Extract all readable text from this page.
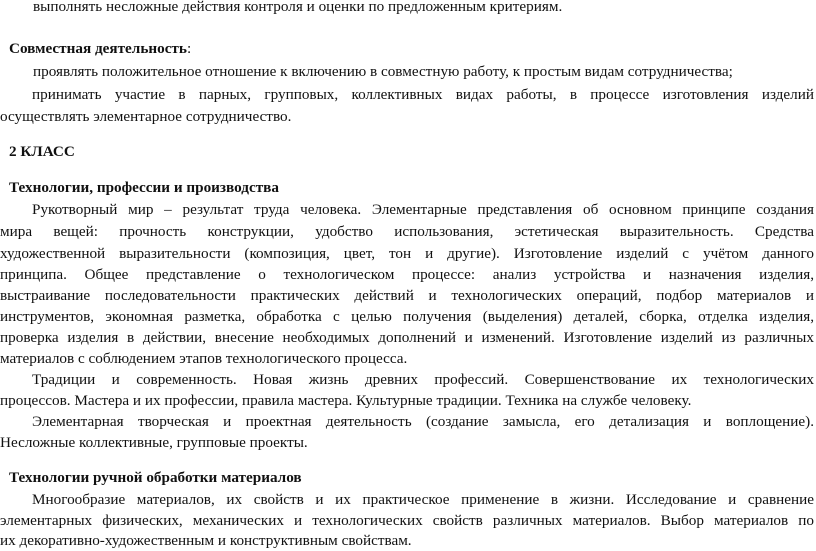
выполнять несложные действия контроля и оценки по предложенным критериям.
Совместная деятельность:
проявлять положительное отношение к включению в совместную работу, к простым видам сотрудничества;
принимать участие в парных, групповых, коллективных видах работы, в процессе изготовления изделий
осуществлять элементарное сотрудничество.
2 КЛАСС
Технологии, профессии и производства
Рукотворный мир – результат труда человека. Элементарные представления об основном принципе создания
мира вещей: прочность конструкции, удобство использования, эстетическая выразительность. Средства
художественной выразительности (композиция, цвет, тон и другие). Изготовление изделий с учётом данного
принципа. Общее представление о технологическом процессе: анализ устройства и назначения изделия,
выстраивание последовательности практических действий и технологических операций, подбор материалов и
инструментов, экономная разметка, обработка с целью получения (выделения) деталей, сборка, отделка изделия,
проверка изделия в действии, внесение необходимых дополнений и изменений. Изготовление изделий из различных
материалов с соблюдением этапов технологического процесса.
Традиции и современность. Новая жизнь древних профессий. Совершенствование их технологических
процессов. Мастера и их профессии, правила мастера. Культурные традиции. Техника на службе человеку.
Элементарная творческая и проектная деятельность (создание замысла, его детализация и воплощение).
Несложные коллективные, групповые проекты.
Технологии ручной обработки материалов
Многообразие материалов, их свойств и их практическое применение в жизни. Исследование и сравнение
элементарных физических, механических и технологических свойств различных материалов. Выбор материалов по
их декоративно-художественным и конструктивным свойствам.
